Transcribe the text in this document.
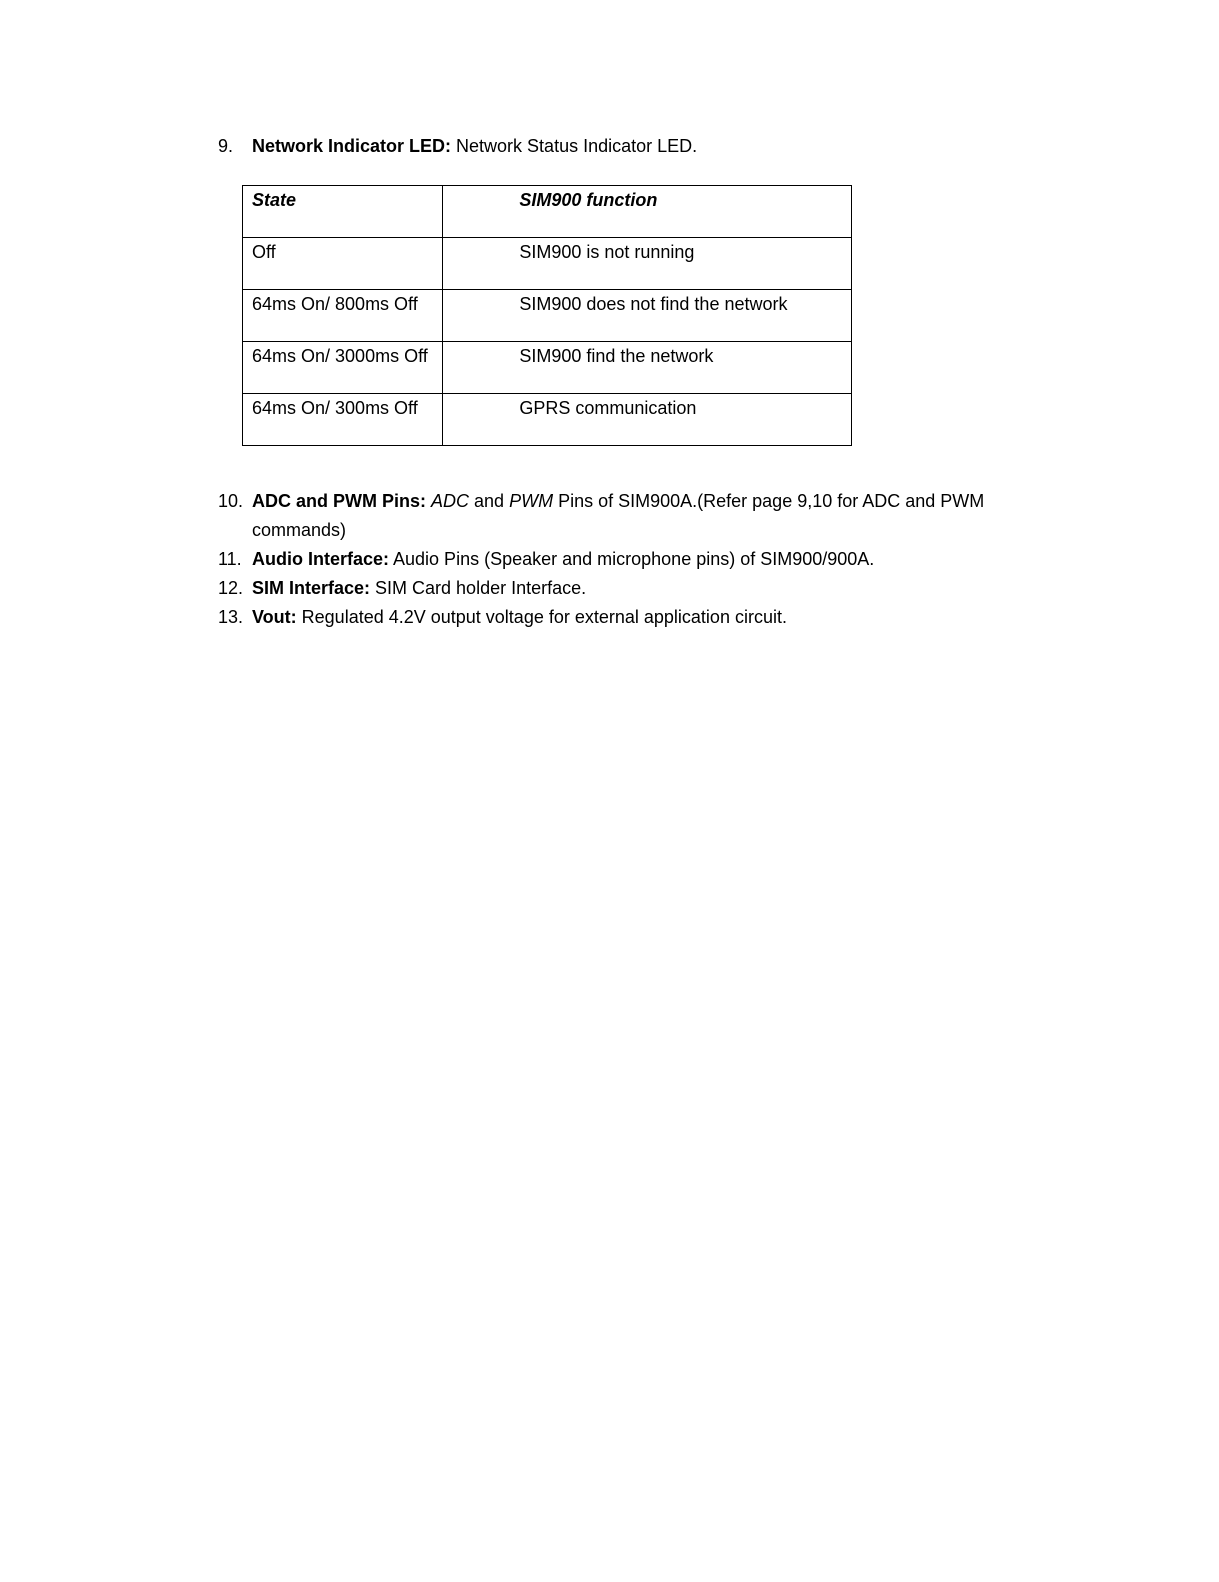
9. Network Indicator LED: Network Status Indicator LED.
State	SIM900 function
Off	SIM900 is not running
64ms On/ 800ms Off	SIM900 does not find the network
64ms On/ 3000ms Off	SIM900 find the network
64ms On/ 300ms Off	GPRS communication
10. ADC and PWM Pins: ADC and PWM Pins of SIM900A.(Refer page 9,10 for ADC and PWM commands)
11. Audio Interface: Audio Pins (Speaker and microphone pins) of SIM900/900A.
12. SIM Interface: SIM Card holder Interface.
13. Vout: Regulated 4.2V output voltage for external application circuit.
